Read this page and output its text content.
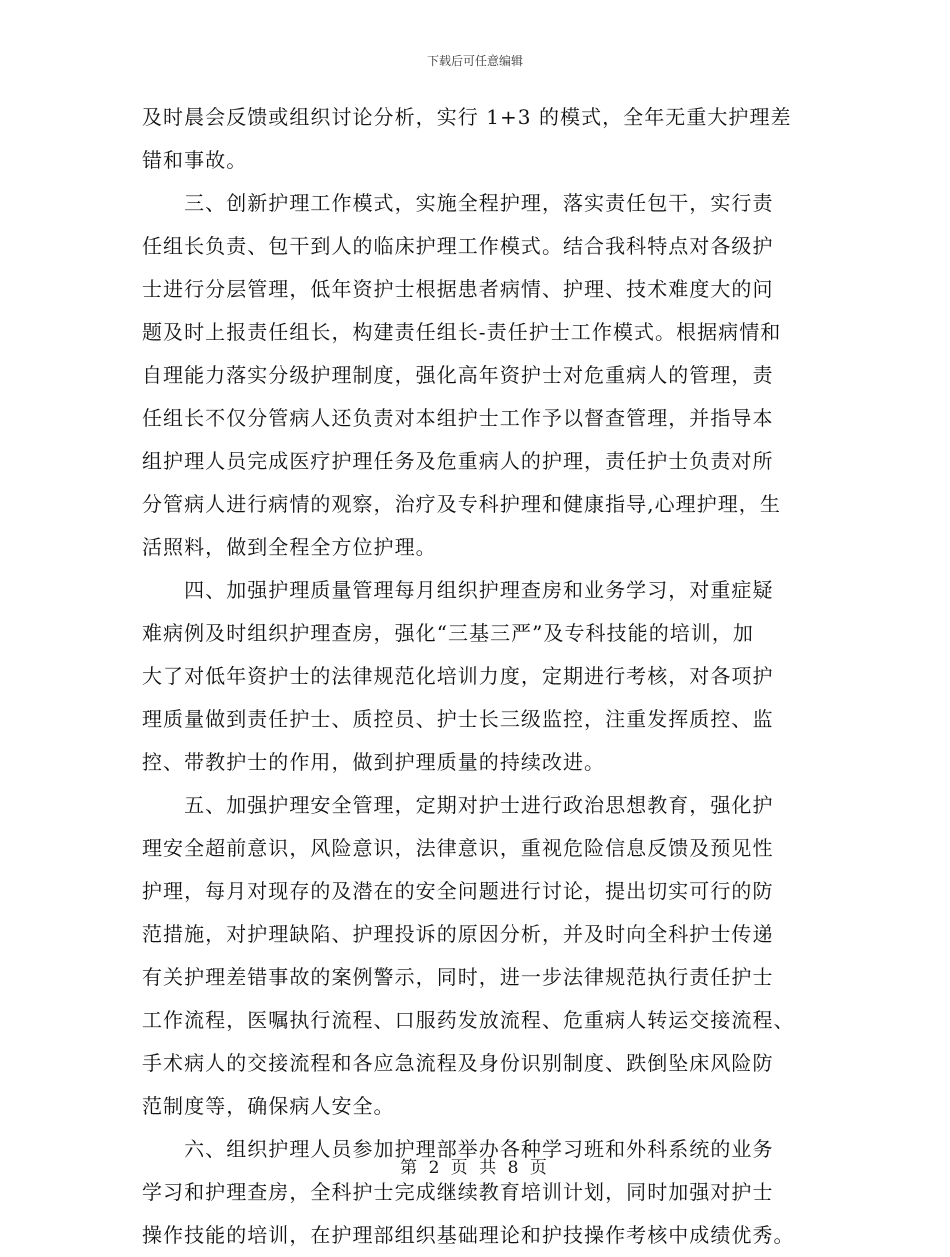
下载后可任意编辑
及时晨会反馈或组织讨论分析，实行 1+3 的模式，全年无重大护理差
错和事故。
　　三、创新护理工作模式，实施全程护理，落实责任包干，实行责
任组长负责、包干到人的临床护理工作模式。结合我科特点对各级护
士进行分层管理，低年资护士根据患者病情、护理、技术难度大的问
题及时上报责任组长，构建责任组长-责任护士工作模式。根据病情和
自理能力落实分级护理制度，强化高年资护士对危重病人的管理，责
任组长不仅分管病人还负责对本组护士工作予以督查管理，并指导本
组护理人员完成医疗护理任务及危重病人的护理，责任护士负责对所
分管病人进行病情的观察，治疗及专科护理和健康指导,心理护理，生
活照料，做到全程全方位护理。
　　四、加强护理质量管理每月组织护理查房和业务学习，对重症疑
难病例及时组织护理查房，强化“三基三严”及专科技能的培训，加
大了对低年资护士的法律规范化培训力度，定期进行考核，对各项护
理质量做到责任护士、质控员、护士长三级监控，注重发挥质控、监
控、带教护士的作用，做到护理质量的持续改进。
　　五、加强护理安全管理，定期对护士进行政治思想教育，强化护
理安全超前意识，风险意识，法律意识，重视危险信息反馈及预见性
护理，每月对现存的及潜在的安全问题进行讨论，提出切实可行的防
范措施，对护理缺陷、护理投诉的原因分析，并及时向全科护士传递
有关护理差错事故的案例警示，同时，进一步法律规范执行责任护士
工作流程，医嘱执行流程、口服药发放流程、危重病人转运交接流程、
手术病人的交接流程和各应急流程及身份识别制度、跌倒坠床风险防
范制度等，确保病人安全。
　　六、组织护理人员参加护理部举办各种学习班和外科系统的业务
学习和护理查房，全科护士完成继续教育培训计划，同时加强对护士
操作技能的培训，在护理部组织基础理论和护技操作考核中成绩优秀。
第 2 页 共 8 页
